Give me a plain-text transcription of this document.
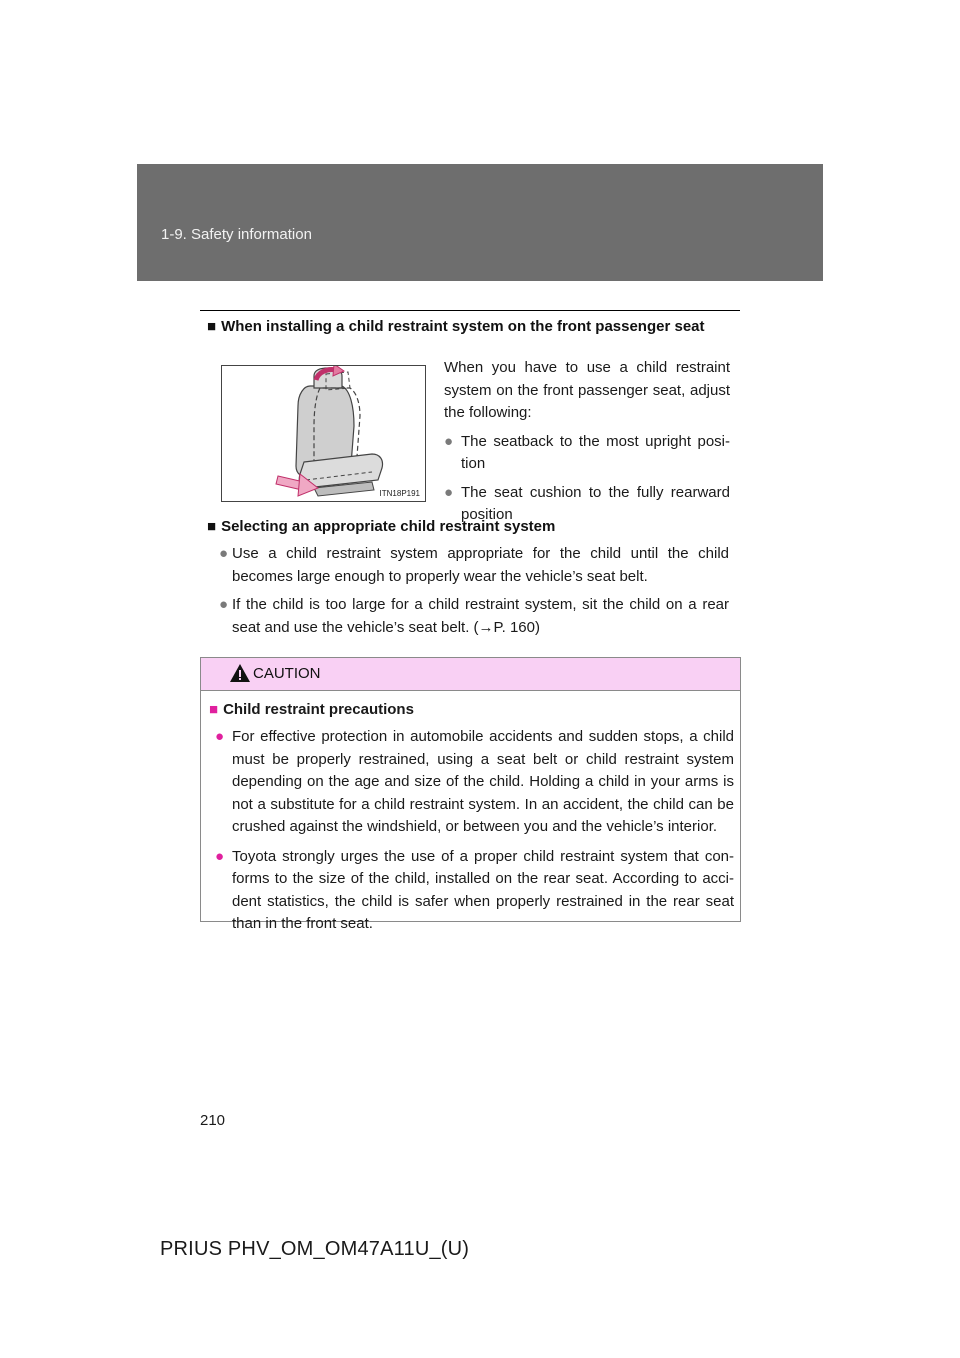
1-9. Safety information
■ When installing a child restraint system on the front passenger seat
ITN18P191

When you have to use a child restraint system on the front passenger seat, adjust the following:

● The seatback to the most upright posi- tion
● The seat cushion to the fully rearward position
■ Selecting an appropriate child restraint system
● Use a child restraint system appropriate for the child until the child becomes large enough to properly wear the vehicle’s seat belt.
● If the child is too large for a child restraint system, sit the child on a rear seat and use the vehicle’s seat belt. (→P. 160)
CAUTION
■ Child restraint precautions
● For effective protection in automobile accidents and sudden stops, a child must be properly restrained, using a seat belt or child restraint system depending on the age and size of the child. Holding a child in your arms is not a substitute for a child restraint system. In an accident, the child can be crushed against the windshield, or between you and the vehicle’s interior.
● Toyota strongly urges the use of a proper child restraint system that con- forms to the size of the child, installed on the rear seat. According to acci- dent statistics, the child is safer when properly restrained in the rear seat than in the front seat.
210
PRIUS PHV_OM_OM47A11U_(U)
